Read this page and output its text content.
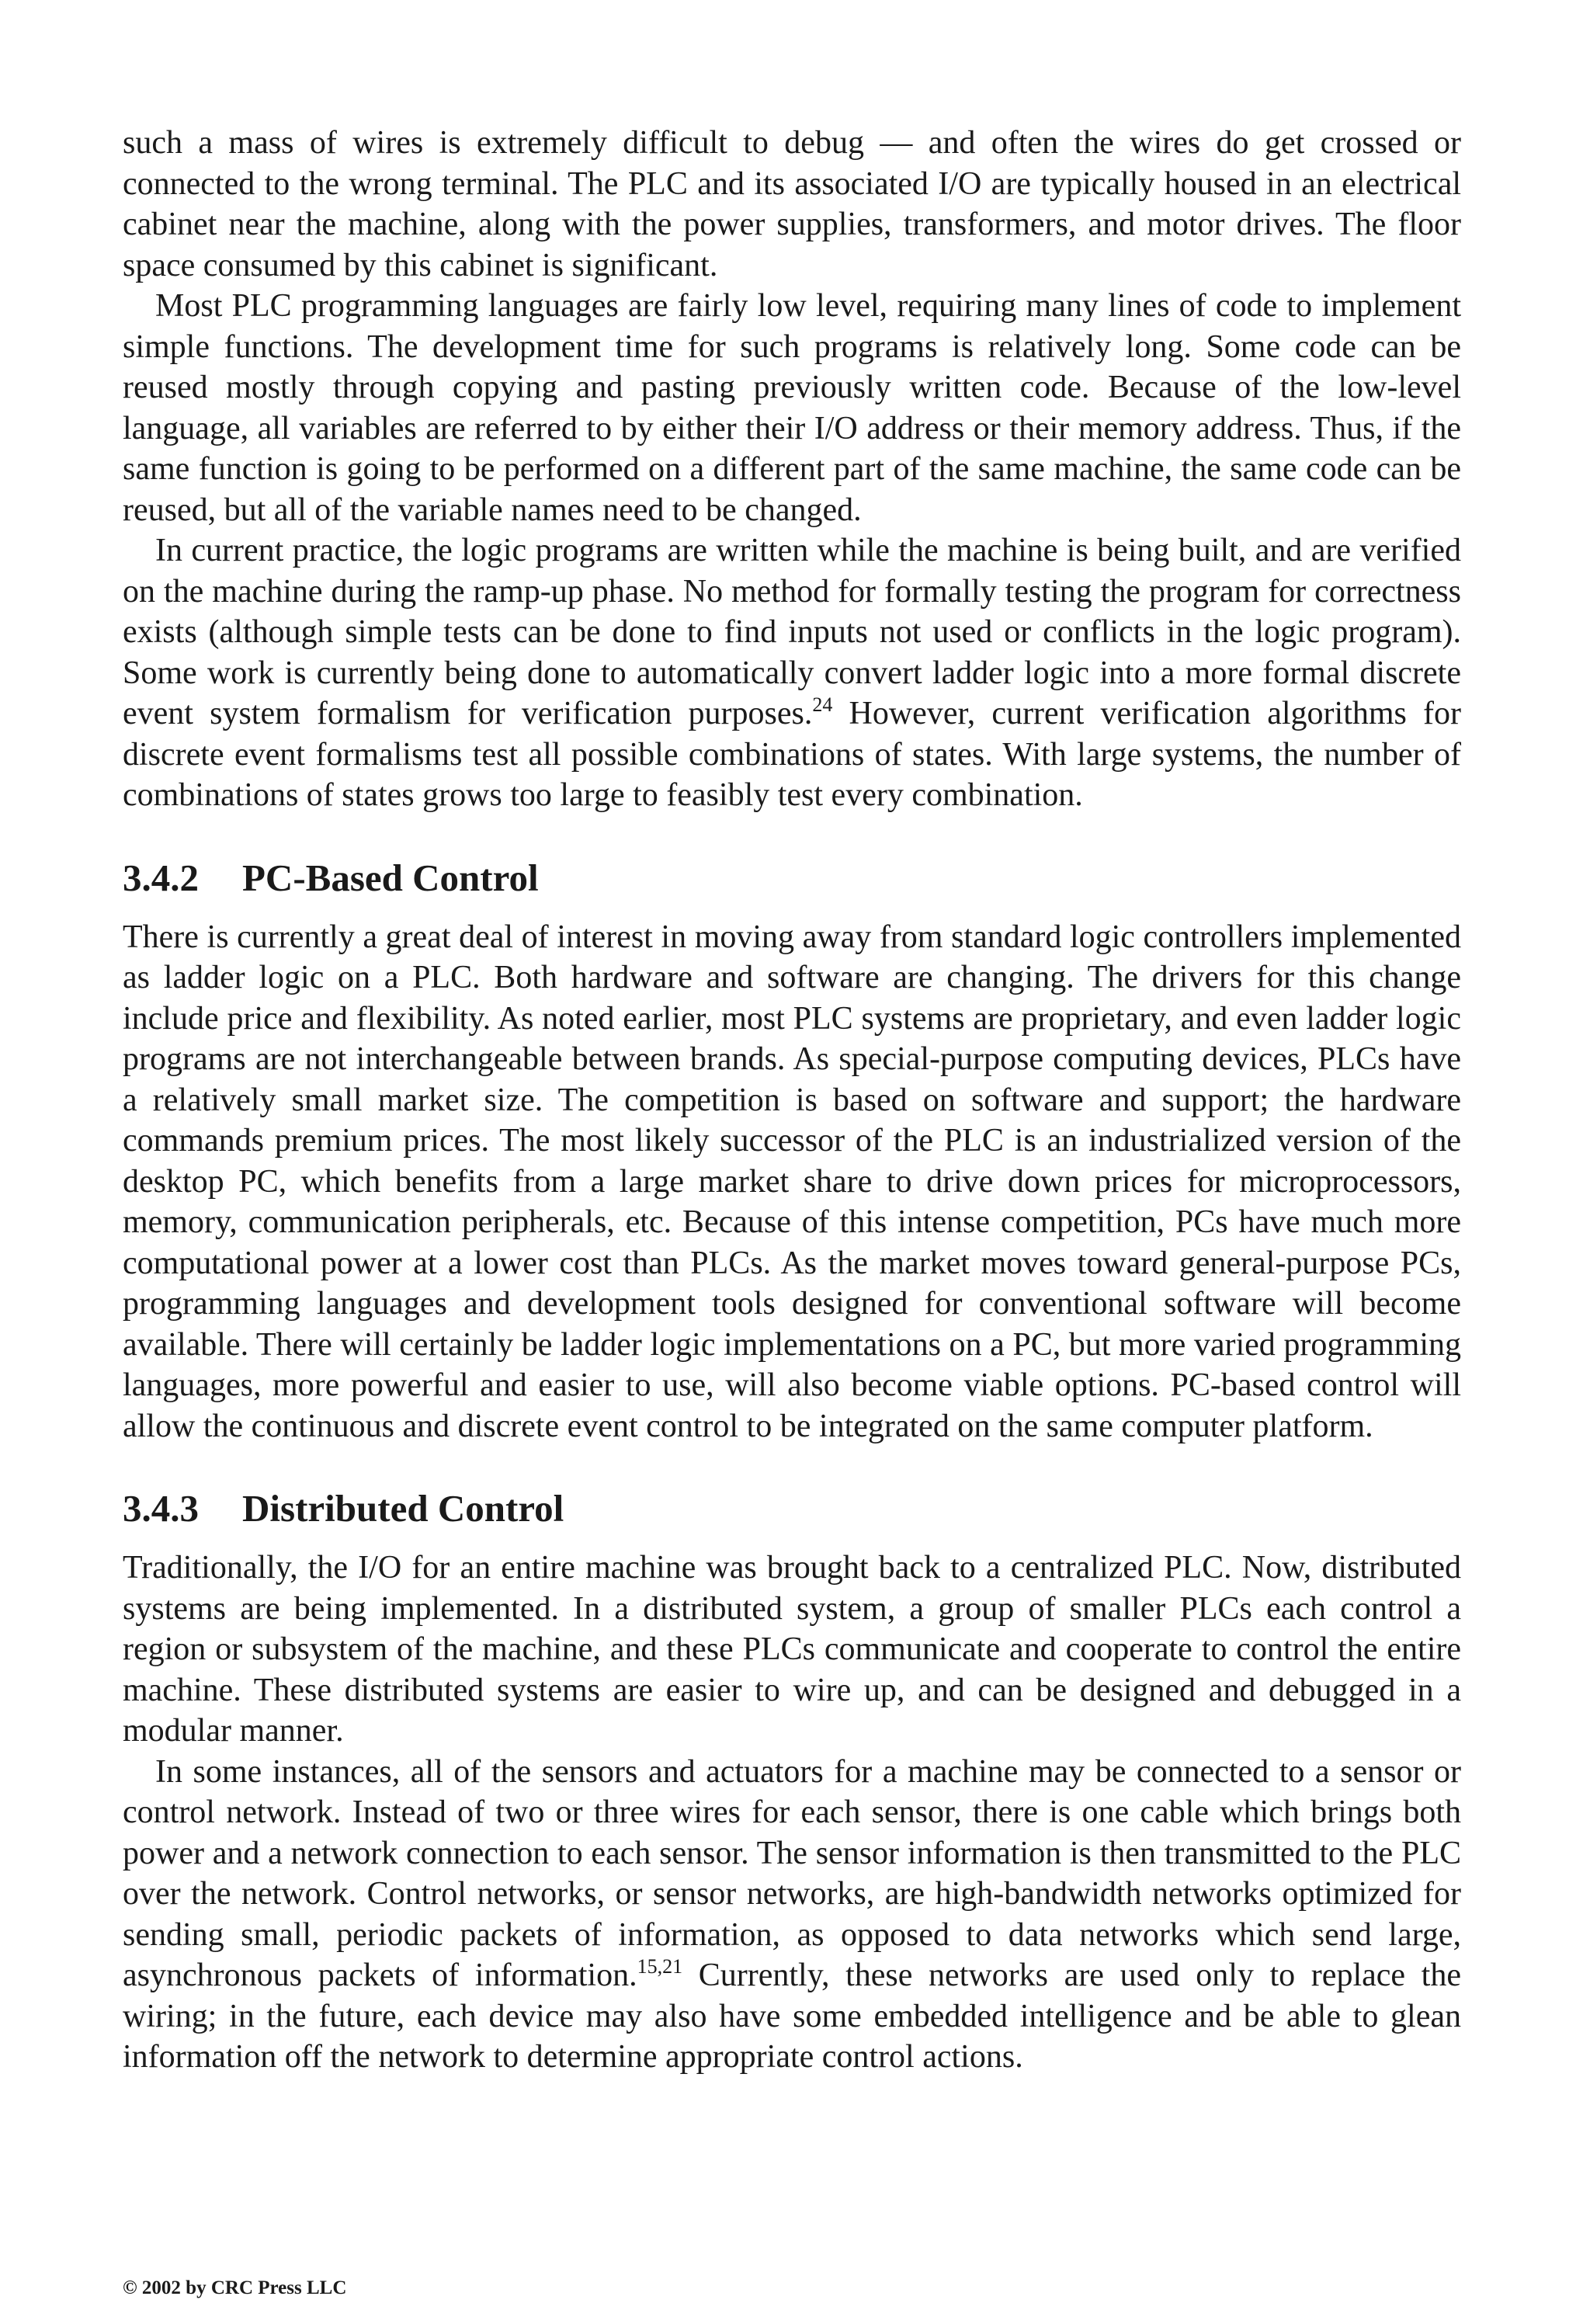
such a mass of wires is extremely difficult to debug — and often the wires do get crossed or connected to the wrong terminal. The PLC and its associated I/O are typically housed in an electrical cabinet near the machine, along with the power supplies, transformers, and motor drives. The floor space consumed by this cabinet is significant.

Most PLC programming languages are fairly low level, requiring many lines of code to implement simple functions. The development time for such programs is relatively long. Some code can be reused mostly through copying and pasting previously written code. Because of the low-level language, all variables are referred to by either their I/O address or their memory address. Thus, if the same function is going to be performed on a different part of the same machine, the same code can be reused, but all of the variable names need to be changed.

In current practice, the logic programs are written while the machine is being built, and are verified on the machine during the ramp-up phase. No method for formally testing the program for correctness exists (although simple tests can be done to find inputs not used or conflicts in the logic program). Some work is currently being done to automatically convert ladder logic into a more formal discrete event system formalism for verification purposes.$^{24}$ However, current verification algorithms for discrete event formalisms test all possible combinations of states. With large systems, the number of combinations of states grows too large to feasibly test every combination.

3.4.2 PC-Based Control

There is currently a great deal of interest in moving away from standard logic controllers implemented as ladder logic on a PLC. Both hardware and software are changing. The drivers for this change include price and flexibility. As noted earlier, most PLC systems are proprietary, and even ladder logic programs are not interchangeable between brands. As special-purpose computing devices, PLCs have a relatively small market size. The competition is based on software and support; the hardware commands premium prices. The most likely successor of the PLC is an industrialized version of the desktop PC, which benefits from a large market share to drive down prices for microprocessors, memory, communication peripherals, etc. Because of this intense competition, PCs have much more computational power at a lower cost than PLCs. As the market moves toward general-purpose PCs, programming languages and development tools designed for conventional software will become available. There will certainly be ladder logic implementations on a PC, but more varied programming languages, more powerful and easier to use, will also become viable options. PC-based control will allow the continuous and discrete event control to be integrated on the same computer platform.

3.4.3 Distributed Control

Traditionally, the I/O for an entire machine was brought back to a centralized PLC. Now, distributed systems are being implemented. In a distributed system, a group of smaller PLCs each control a region or subsystem of the machine, and these PLCs communicate and cooperate to control the entire machine. These distributed systems are easier to wire up, and can be designed and debugged in a modular manner.

In some instances, all of the sensors and actuators for a machine may be connected to a sensor or control network. Instead of two or three wires for each sensor, there is one cable which brings both power and a network connection to each sensor. The sensor information is then transmitted to the PLC over the network. Control networks, or sensor networks, are high-bandwidth networks optimized for sending small, periodic packets of information, as opposed to data networks which send large, asynchronous packets of information.$^{15,21}$ Currently, these networks are used only to replace the wiring; in the future, each device may also have some embedded intelligence and be able to glean information off the network to determine appropriate control actions.

© 2002 by CRC Press LLC
